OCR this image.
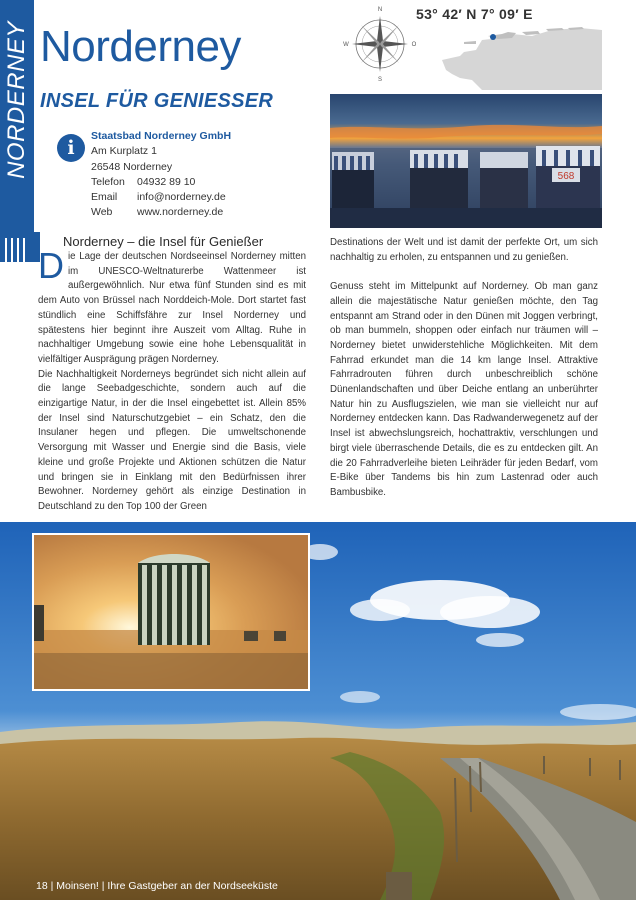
NORDERNEY Norderney
INSEL FÜR GENIESSER
N
S
W	O
53° 42′ N 7° 09′ E
568
i
Staatsbad Norderney GmbH
Am Kurplatz 1
26548 Norderney
Telefon 04932 89 10
Email info@norderney.de
Web www.norderney.de
Norderney – die Insel für Genießer

Die Lage der deutschen Nordseeinsel Norderney mitten im UNESCO-Weltnaturerbe Wattenmeer ist außergewöhnlich. Nur etwa fünf Stunden sind es mit dem Auto von Brüssel nach Norddeich-Mole. Dort startet fast stündlich eine Schiffsfähre zur Insel Norderney und spätestens hier beginnt ihre Auszeit vom Alltag. Ruhe in nachhaltiger Umgebung sowie eine hohe Lebensqualität in vielfältiger Ausprägung prägen Norderney.

Die Nachhaltigkeit Norderneys begründet sich nicht allein auf die lange Seebadgeschichte, sondern auch auf die einzigartige Natur, in der die Insel eingebettet ist. Allein 85% der Insel sind Naturschutzgebiet – ein Schatz, den die Insulaner hegen und pflegen. Die umweltschonende Versorgung mit Wasser und Energie sind die Basis, viele kleine und große Projekte und Aktionen schützen die Natur und bringen sie in Einklang mit den Bedürfnissen ihrer Bewohner. Norderney gehört als einzige Destination in Deutschland zu den Top 100 der Green

Destinations der Welt und ist damit der perfekte Ort, um sich nachhaltig zu erholen, zu entspannen und zu genießen.

Genuss steht im Mittelpunkt auf Norderney. Ob man ganz allein die majestätische Natur genießen möchte, den Tag entspannt am Strand oder in den Dünen mit Joggen verbringt, ob man bummeln, shoppen oder einfach nur träumen will – Norderney bietet unwiderstehliche Möglichkeiten. Mit dem Fahrrad erkundet man die 14 km lange Insel. Attraktive Fahrradrouten führen durch unbeschreiblich schöne Dünenlandschaften und über Deiche entlang an unberührter Natur hin zu Ausflugszielen, wie man sie vielleicht nur auf Norderney entdecken kann. Das Radwanderwegenetz auf der Insel ist abwechslungsreich, hochattraktiv, verschlungen und birgt viele überraschende Details, die es zu entdecken gilt. An die 20 Fahrradverleihe bieten Leihräder für jeden Bedarf, vom E-Bike über Tandems bis hin zum Lastenrad oder auch Bambusbike.

18 | Moinsen! | Ihre Gastgeber an der Nordseeküste
